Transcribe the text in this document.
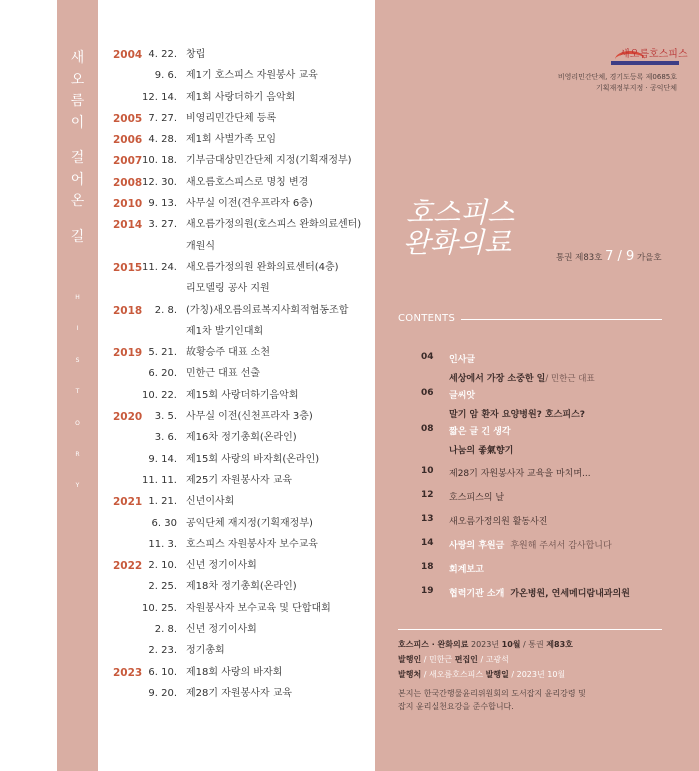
새
오
름
이
걸
어
온
길
H
I
S
T
O
R
Y
2004 4. 22. 창립
9. 6. 제1기 호스피스 자원봉사 교육
12. 14. 제1회 사랑더하기 음악회
2005 7. 27. 비영리민간단체 등록
2006 4. 28. 제1회 사별가족 모임
2007 10. 18. 기부금대상민간단체 지정(기획재정부)
2008 12. 30. 새오름호스피스로 명칭 변경
2010 9. 13. 사무실 이전(견우프라자 6층)
2014 3. 27. 새오름가정의원(호스피스 완화의료센터)
개원식
2015 11. 24. 새오름가정의원 완화의료센터(4층)
리모델링 공사 지원
2018 2. 8. (가칭)새오름의료복지사회적협동조합
제1차 발기인대회
2019 5. 21. 故황승주 대표 소천
6. 20. 민한근 대표 선출
10. 22. 제15회 사랑더하기음악회
2020 3. 5. 사무실 이전(신천프라자 3층)
3. 6. 제16차 정기총회(온라인)
9. 14. 제15회 사랑의 바자회(온라인)
11. 11. 제25기 자원봉사자 교육
2021 1. 21. 신년이사회
6. 30 공익단체 재지정(기획재정부)
11. 3. 호스피스 자원봉사자 보수교육
2022 2. 10. 신년 정기이사회
2. 25. 제18차 정기총회(온라인)
10. 25. 자원봉사자 보수교육 및 단합대회
2. 8. 신년 정기이사회
2. 23. 정기총회
2023 6. 10. 제18회 사랑의 바자회
9. 20. 제28기 자원봉사자 교육
새오름호스피스
비영리민간단체, 경기도등록 제0685호
기획재정부지정 · 공익단체
호스피스
완화의료	통권 제83호 7 / 9 가을호
CONTENTS
04 인사글
세상에서 가장 소중한 일/ 민한근 대표
06 글씨앗
말기 암 환자 요양병원? 호스피스?
08 짧은 글 긴 생각
나눔의 좋氣향기
10 제28기 자원봉사자 교육을 마치며...
12 호스피스의 날
13 새오름가정의원 활동사진
14 사랑의 후원금 후원해 주셔서 감사합니다
18 회계보고
19 협력기관 소개 가온병원, 연세메디람내과의원
호스피스 · 완화의료 2023년 10월 / 통권 제83호
발행인 / 민한근 편집인 / 고광석
발행처 / 새오름호스피스 발행일 / 2023년 10월
본지는 한국간행물윤리위원회의 도서잡지 윤리강령 및
잡지 윤리실천요강을 준수합니다.
